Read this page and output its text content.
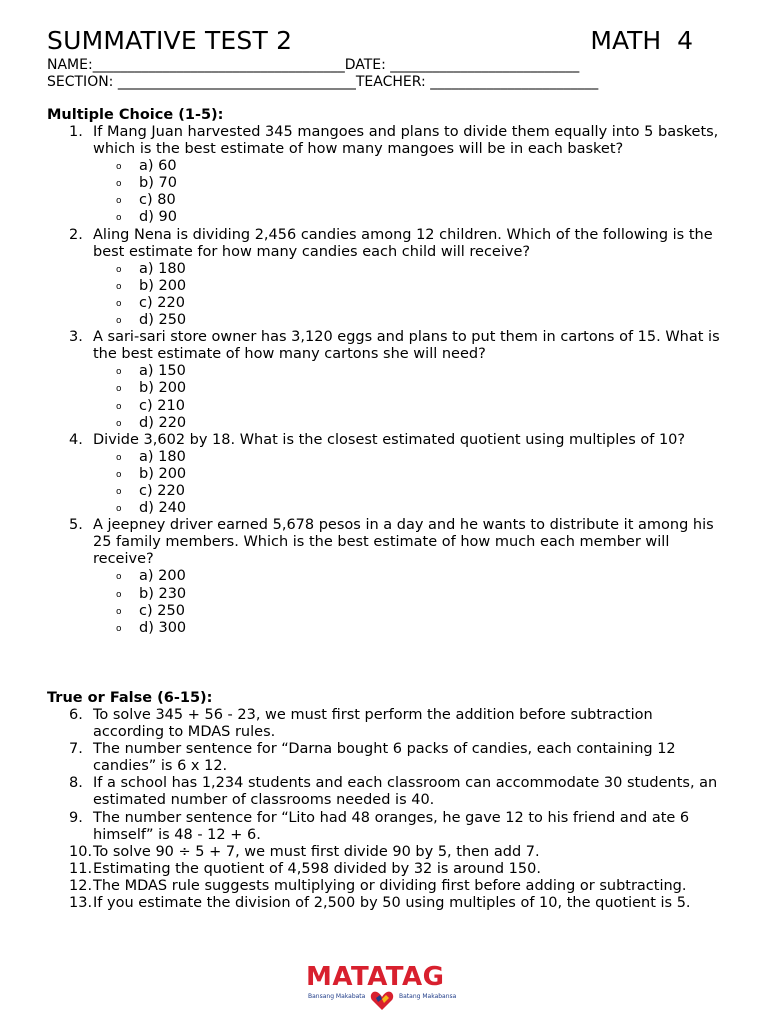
SUMMATIVE TEST 2	MATH  4
NAME:____________________________________DATE: ___________________________
SECTION: __________________________________TEACHER: ________________________
Multiple Choice (1-5):
1. If Mang Juan harvested 345 mangoes and plans to divide them equally into 5 baskets, which is the best estimate of how many mangoes will be in each basket?
o a) 60
o b) 70
o c) 80
o d) 90
2. Aling Nena is dividing 2,456 candies among 12 children. Which of the following is the best estimate for how many candies each child will receive?
o a) 180
o b) 200
o c) 220
o d) 250
3. A sari-sari store owner has 3,120 eggs and plans to put them in cartons of 15. What is the best estimate of how many cartons she will need?
o a) 150
o b) 200
o c) 210
o d) 220
4. Divide 3,602 by 18. What is the closest estimated quotient using multiples of 10?
o a) 180
o b) 200
o c) 220
o d) 240
5. A jeepney driver earned 5,678 pesos in a day and he wants to distribute it among his 25 family members. Which is the best estimate of how much each member will receive?
o a) 200
o b) 230
o c) 250
o d) 300
True or False (6-15):
6. To solve 345 + 56 - 23, we must first perform the addition before subtraction according to MDAS rules.
7. The number sentence for “Darna bought 6 packs of candies, each containing 12 candies” is 6 x 12.
8. If a school has 1,234 students and each classroom can accommodate 30 students, an estimated number of classrooms needed is 40.
9. The number sentence for “Lito had 48 oranges, he gave 12 to his friend and ate 6 himself” is 48 - 12 + 6.
10. To solve 90 ÷ 5 + 7, we must first divide 90 by 5, then add 7.
11. Estimating the quotient of 4,598 divided by 32 is around 150.
12. The MDAS rule suggests multiplying or dividing first before adding or subtracting.
13. If you estimate the division of 2,500 by 50 using multiples of 10, the quotient is 5.
MATATAG
Bansang Makabata	Batang Makabansa
